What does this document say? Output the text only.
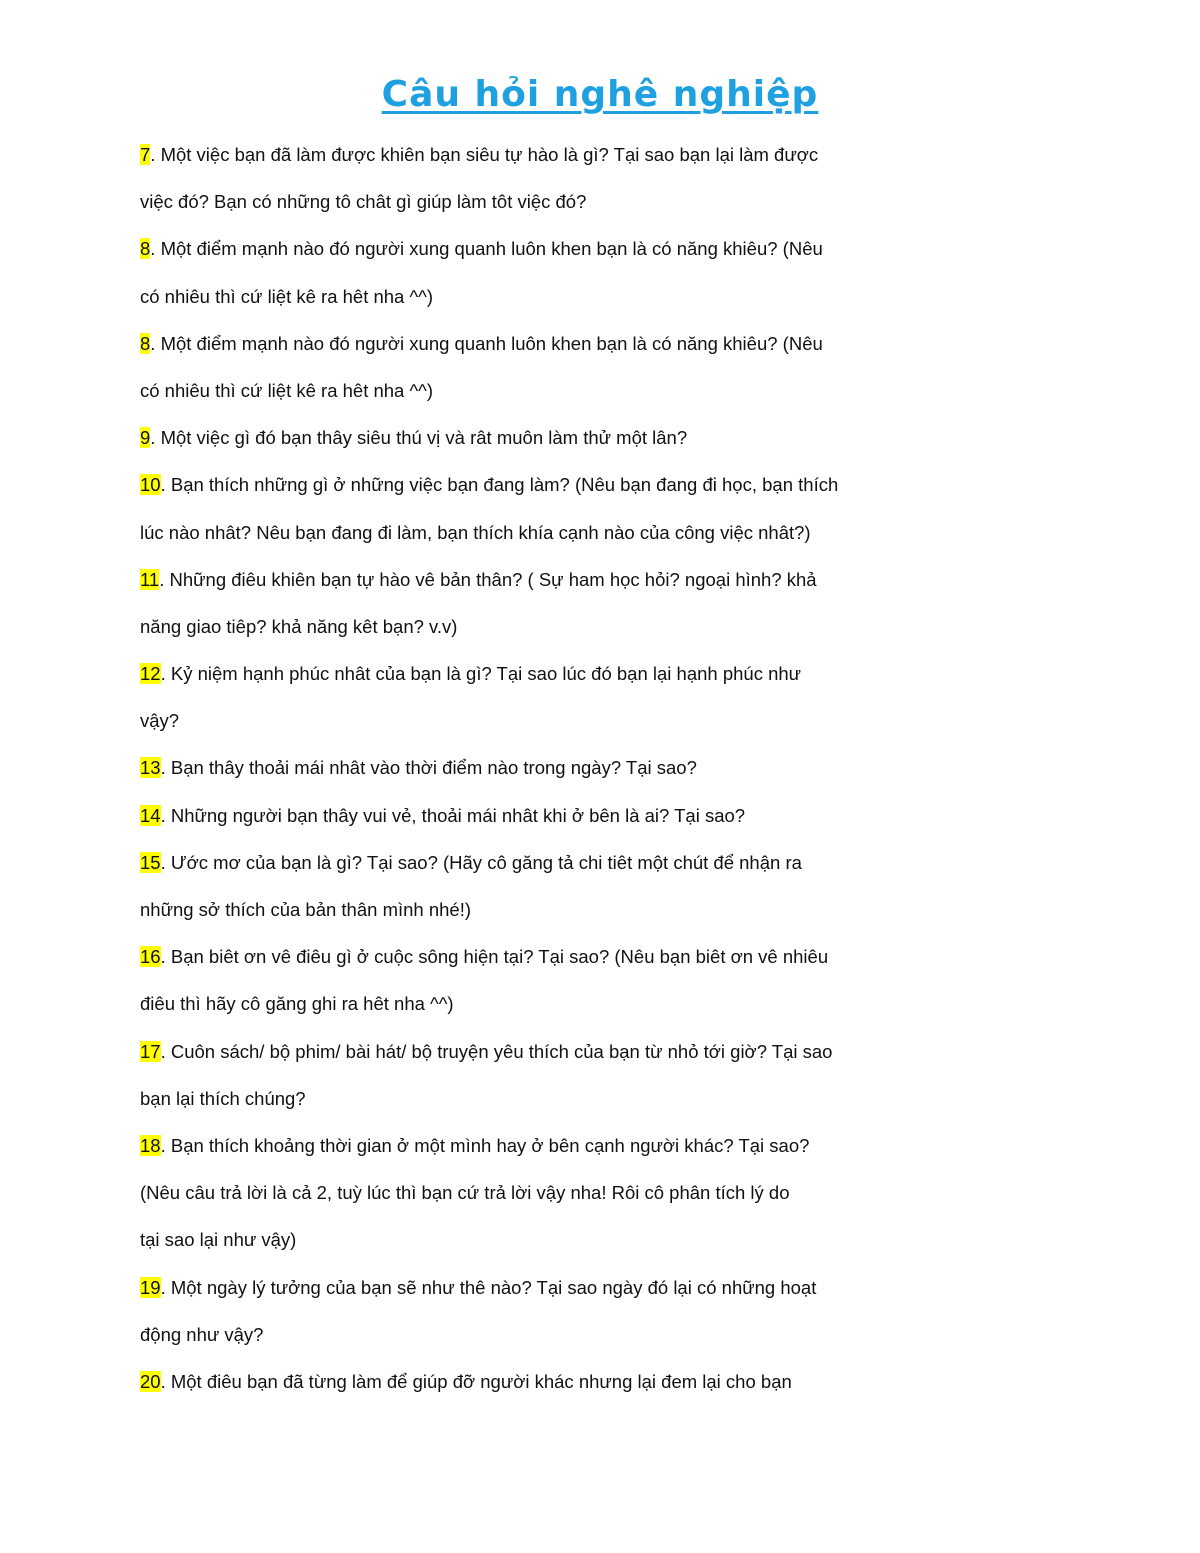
Câu hỏi nghê nghiệp
7. Một việc bạn đã làm được khiên bạn siêu tự hào là gì? Tại sao bạn lại làm được
việc đó? Bạn có những tô chât gì giúp làm tôt việc đó?
8. Một điểm mạnh nào đó người xung quanh luôn khen bạn là có năng khiêu? (Nêu
có nhiêu thì cứ liệt kê ra hêt nha ^^)
8. Một điểm mạnh nào đó người xung quanh luôn khen bạn là có năng khiêu? (Nêu
có nhiêu thì cứ liệt kê ra hêt nha ^^)
9. Một việc gì đó bạn thây siêu thú vị và rât muôn làm thử một lân?
10. Bạn thích những gì ở những việc bạn đang làm? (Nêu bạn đang đi học, bạn thích
lúc nào nhât? Nêu bạn đang đi làm, bạn thích khía cạnh nào của công việc nhât?)
11. Những điêu khiên bạn tự hào vê bản thân? ( Sự ham học hỏi? ngoại hình? khả
năng giao tiêp? khả năng kêt bạn? v.v)
12. Kỷ niệm hạnh phúc nhât của bạn là gì? Tại sao lúc đó bạn lại hạnh phúc như
vậy?
13. Bạn thây thoải mái nhât vào thời điểm nào trong ngày? Tại sao?
14. Những người bạn thây vui vẻ, thoải mái nhât khi ở bên là ai? Tại sao?
15. Ước mơ của bạn là gì? Tại sao? (Hãy cô găng tả chi tiêt một chút để nhận ra
những sở thích của bản thân mình nhé!)
16. Bạn biêt ơn vê điêu gì ở cuộc sông hiện tại? Tại sao? (Nêu bạn biêt ơn vê nhiêu
điêu thì hãy cô găng ghi ra hêt nha ^^)
17. Cuôn sách/ bộ phim/ bài hát/ bộ truyện yêu thích của bạn từ nhỏ tới giờ? Tại sao
bạn lại thích chúng?
18. Bạn thích khoảng thời gian ở một mình hay ở bên cạnh người khác? Tại sao?
(Nêu câu trả lời là cả 2, tuỳ lúc thì bạn cứ trả lời vậy nha! Rôi cô phân tích lý do
tại sao lại như vậy)
19. Một ngày lý tưởng của bạn sẽ như thê nào? Tại sao ngày đó lại có những hoạt
động như vậy?
20. Một điêu bạn đã từng làm để giúp đỡ người khác nhưng lại đem lại cho bạn
